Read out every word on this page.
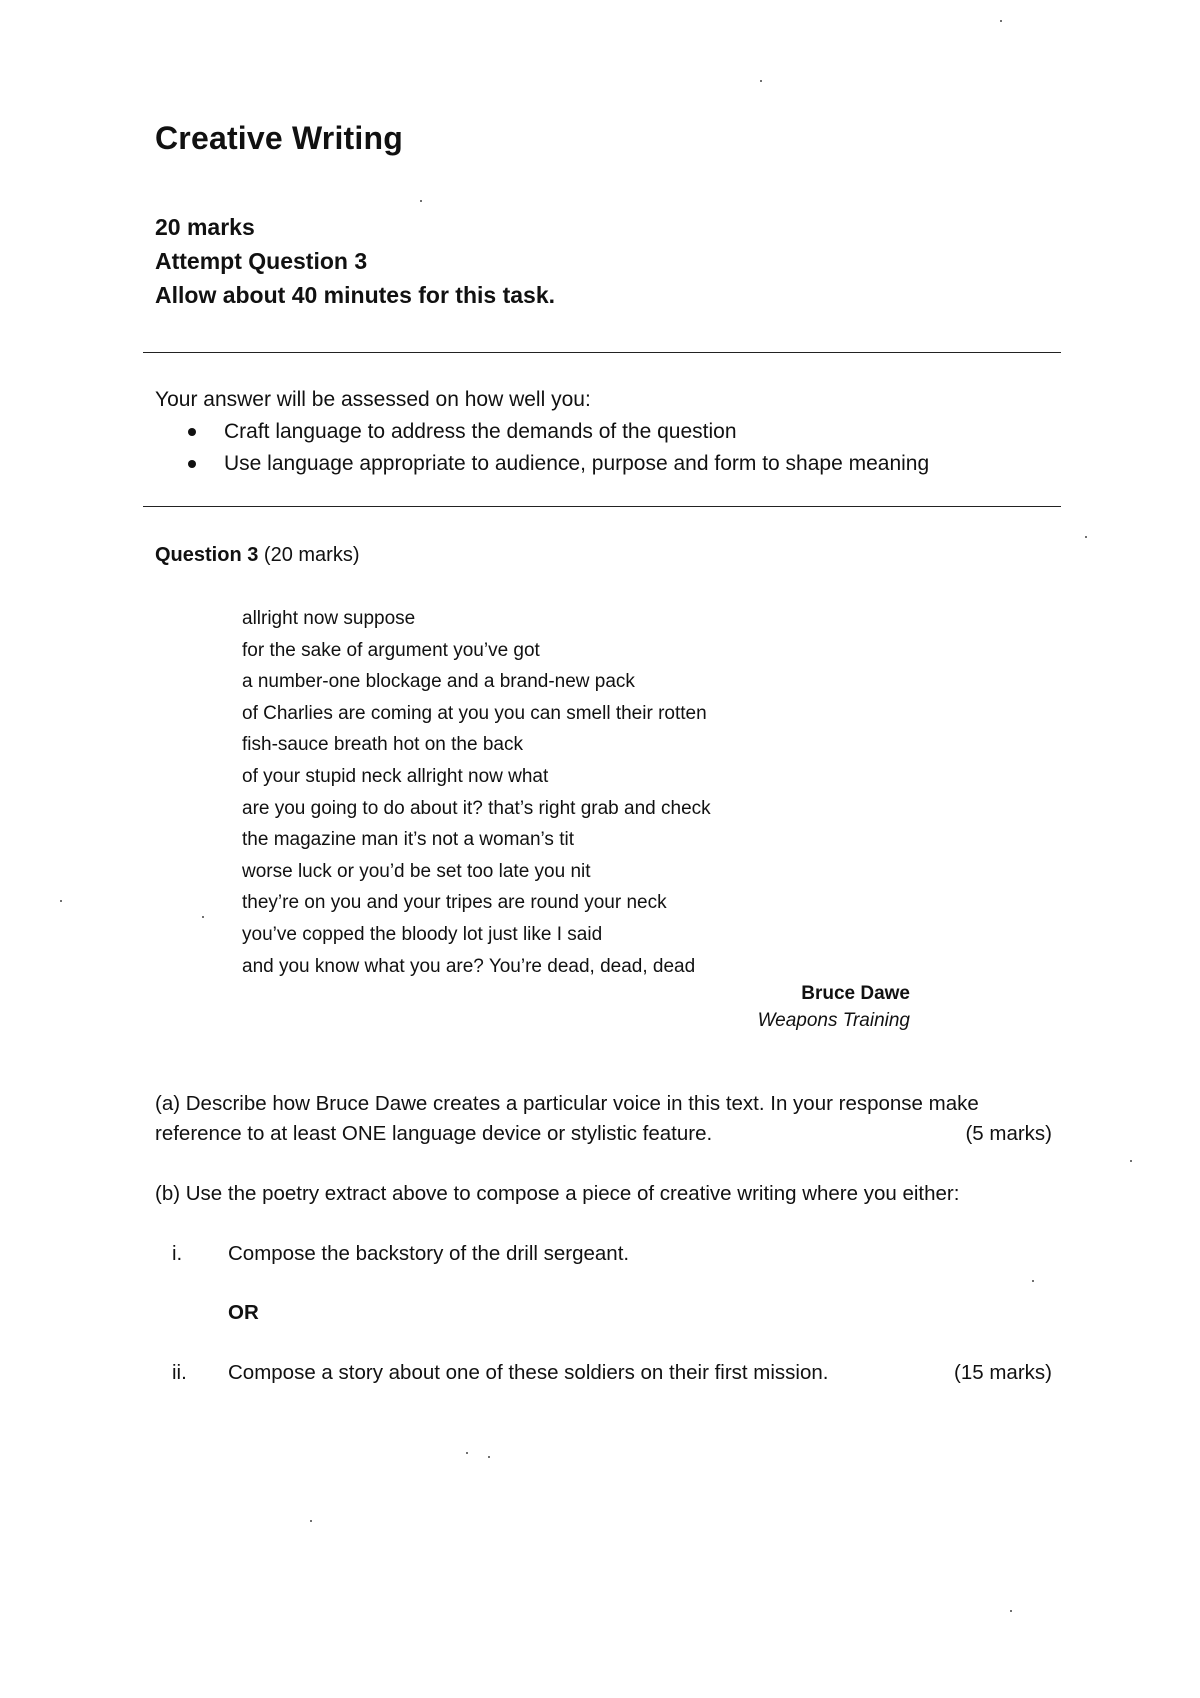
Creative Writing
20 marks
Attempt Question 3
Allow about 40 minutes for this task.
Your answer will be assessed on how well you:
Craft language to address the demands of the question
Use language appropriate to audience, purpose and form to shape meaning
Question 3 (20 marks)
allright now suppose
for the sake of argument you’ve got
a number-one blockage and a brand-new pack
of Charlies are coming at you you can smell their rotten
fish-sauce breath hot on the back
of your stupid neck allright now what
are you going to do about it? that’s right grab and check
the magazine man it’s not a woman’s tit
worse luck or you’d be set too late you nit
they’re on you and your tripes are round your neck
you’ve copped the bloody lot just like I said
and you know what you are? You’re dead, dead, dead
Bruce Dawe
Weapons Training
(a) Describe how Bruce Dawe creates a particular voice in this text. In your response make
reference to at least ONE language device or stylistic feature.	(5 marks)
(b) Use the poetry extract above to compose a piece of creative writing where you either:
i. Compose the backstory of the drill sergeant.
OR
ii. Compose a story about one of these soldiers on their first mission.	(15 marks)
